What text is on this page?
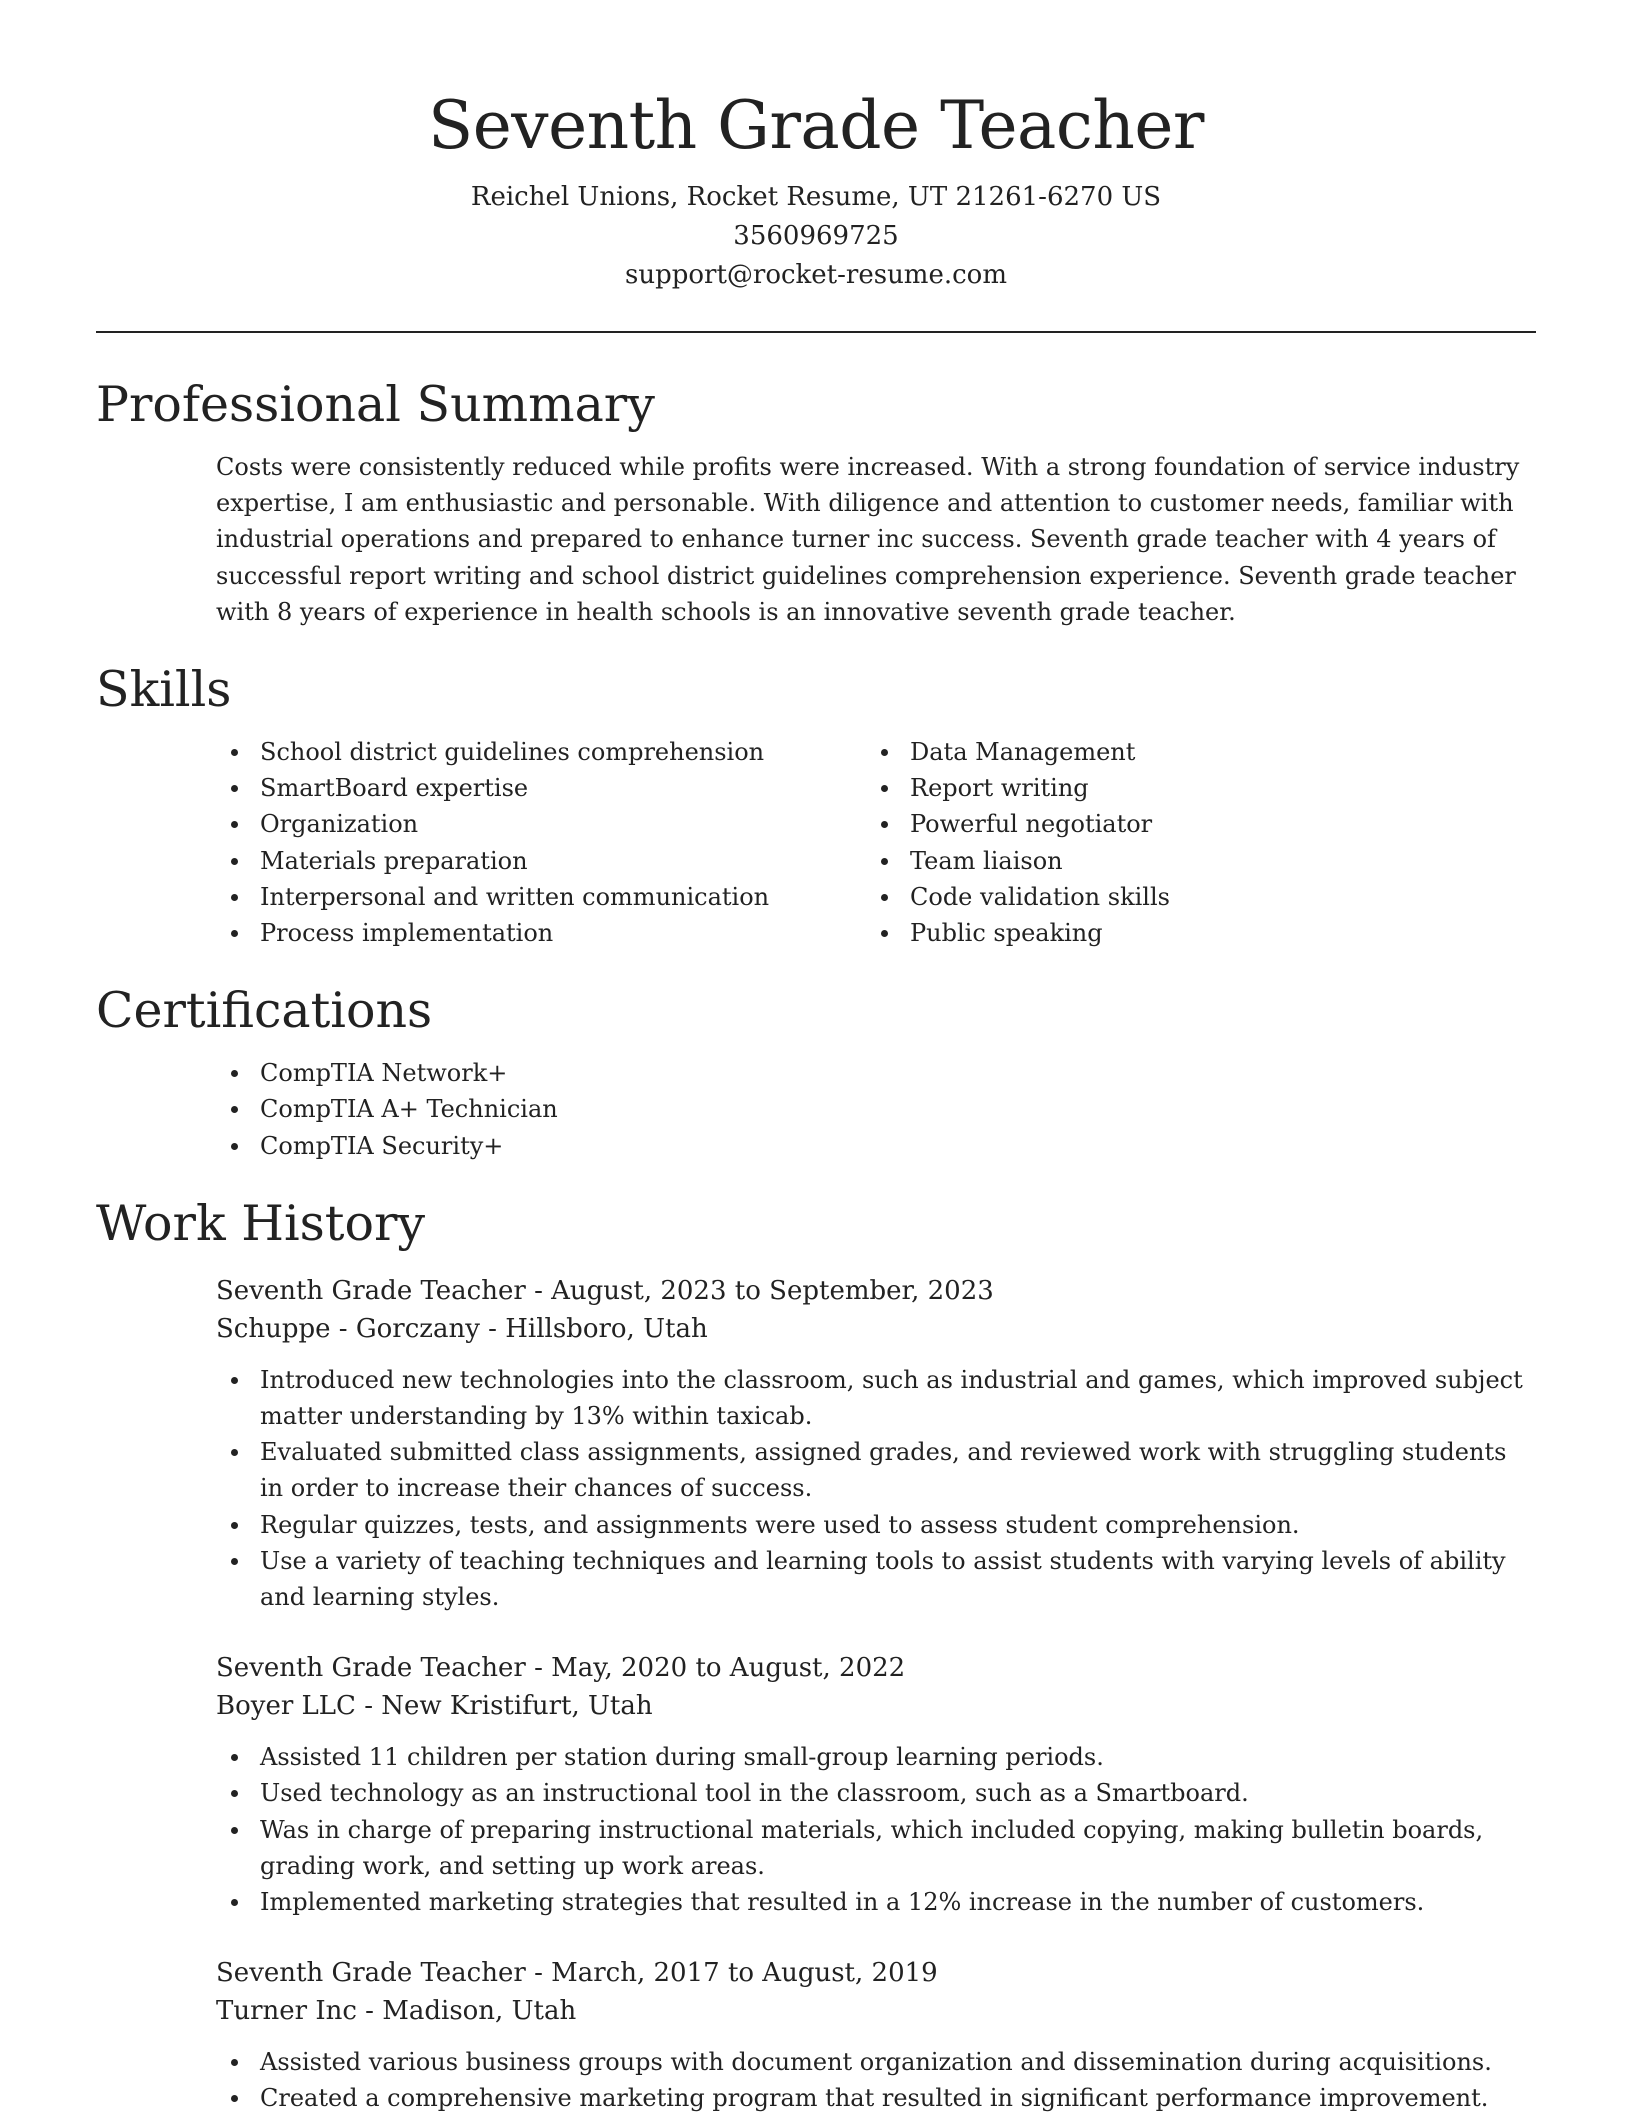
Seventh Grade Teacher

Reichel Unions, Rocket Resume, UT 21261-6270 US

3560969725

support@rocket-resume.com

Professional Summary

Costs were consistently reduced while profits were increased. With a strong foundation of service industry expertise, I am enthusiastic and personable. With diligence and attention to customer needs, familiar with industrial operations and prepared to enhance turner inc success. Seventh grade teacher with 4 years of successful report writing and school district guidelines comprehension experience. Seventh grade teacher with 8 years of experience in health schools is an innovative seventh grade teacher.

Skills
School district guidelines comprehension
SmartBoard expertise
Organization
Materials preparation
Interpersonal and written communication
Process implementation
Data Management
Report writing
Powerful negotiator
Team liaison
Code validation skills
Public speaking
Certifications
CompTIA Network+
CompTIA A+ Technician
CompTIA Security+
Work History

Seventh Grade Teacher - August, 2023 to September, 2023

Schuppe - Gorczany - Hillsboro, Utah

Introduced new technologies into the classroom, such as industrial and games, which improved subject matter understanding by 13% within taxicab.
Evaluated submitted class assignments, assigned grades, and reviewed work with struggling students in order to increase their chances of success.
Regular quizzes, tests, and assignments were used to assess student comprehension.
Use a variety of teaching techniques and learning tools to assist students with varying levels of ability and learning styles.

Seventh Grade Teacher - May, 2020 to August, 2022

Boyer LLC - New Kristifurt, Utah

Assisted 11 children per station during small-group learning periods.
Used technology as an instructional tool in the classroom, such as a Smartboard.
Was in charge of preparing instructional materials, which included copying, making bulletin boards, grading work, and setting up work areas.
Implemented marketing strategies that resulted in a 12% increase in the number of customers.

Seventh Grade Teacher - March, 2017 to August, 2019

Turner Inc - Madison, Utah

Assisted various business groups with document organization and dissemination during acquisitions.
Created a comprehensive marketing program that resulted in significant performance improvement.
